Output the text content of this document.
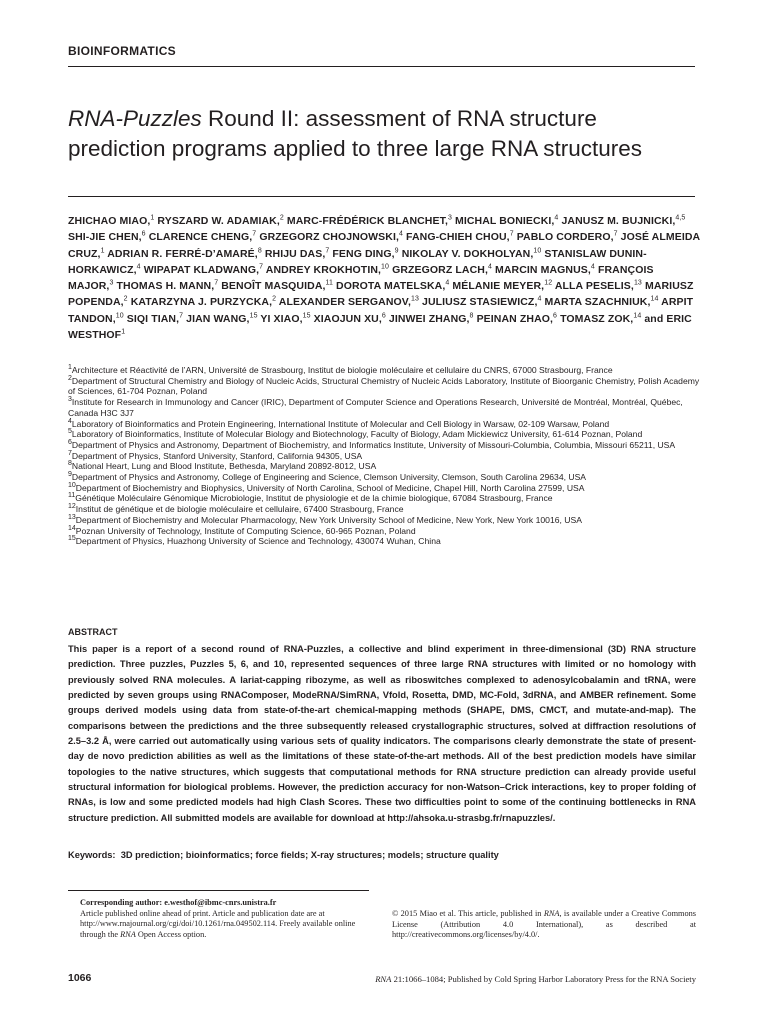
BIOINFORMATICS
RNA-Puzzles Round II: assessment of RNA structure prediction programs applied to three large RNA structures
ZHICHAO MIAO,$^1$ RYSZARD W. ADAMIAK,$^2$ MARC-FRÉDÉRICK BLANCHET,$^3$ MICHAL BONIECKI,$^4$ JANUSZ M. BUJNICKI,$^{4,5}$ SHI-JIE CHEN,$^6$ CLARENCE CHENG,$^7$ GRZEGORZ CHOJNOWSKI,$^4$ FANG-CHIEH CHOU,$^7$ PABLO CORDERO,$^7$ JOSÉ ALMEIDA CRUZ,$^1$ ADRIAN R. FERRÉ-D’AMARÉ,$^8$ RHIJU DAS,$^7$ FENG DING,$^9$ NIKOLAY V. DOKHOLYAN,$^{10}$ STANISLAW DUNIN-HORKAWICZ,$^4$ WIPAPAT KLADWANG,$^7$ ANDREY KROKHOTIN,$^{10}$ GRZEGORZ LACH,$^4$ MARCIN MAGNUS,$^4$ FRANÇOIS MAJOR,$^3$ THOMAS H. MANN,$^7$ BENOÎT MASQUIDA,$^{11}$ DOROTA MATELSKA,$^4$ MÉLANIE MEYER,$^{12}$ ALLA PESELIS,$^{13}$ MARIUSZ POPENDA,$^2$ KATARZYNA J. PURZYCKA,$^2$ ALEXANDER SERGANOV,$^{13}$ JULIUSZ STASIEWICZ,$^4$ MARTA SZACHNIUK,$^{14}$ ARPIT TANDON,$^{10}$ SIQI TIAN,$^7$ JIAN WANG,$^{15}$ YI XIAO,$^{15}$ XIAOJUN XU,$^6$ JINWEI ZHANG,$^8$ PEINAN ZHAO,$^6$ TOMASZ ZOK,$^{14}$ and ERIC WESTHOF$^1$

$^1$Architecture et Réactivité de l’ARN, Université de Strasbourg, Institut de biologie moléculaire et cellulaire du CNRS, 67000 Strasbourg, France

$^2$Department of Structural Chemistry and Biology of Nucleic Acids, Structural Chemistry of Nucleic Acids Laboratory, Institute of Bioorganic Chemistry, Polish Academy of Sciences, 61-704 Poznan, Poland

$^3$Institute for Research in Immunology and Cancer (IRIC), Department of Computer Science and Operations Research, Université de Montréal, Montréal, Québec, Canada H3C 3J7

$^4$Laboratory of Bioinformatics and Protein Engineering, International Institute of Molecular and Cell Biology in Warsaw, 02-109 Warsaw, Poland

$^5$Laboratory of Bioinformatics, Institute of Molecular Biology and Biotechnology, Faculty of Biology, Adam Mickiewicz University, 61-614 Poznan, Poland

$^6$Department of Physics and Astronomy, Department of Biochemistry, and Informatics Institute, University of Missouri-Columbia, Columbia, Missouri 65211, USA

$^7$Department of Physics, Stanford University, Stanford, California 94305, USA

$^8$National Heart, Lung and Blood Institute, Bethesda, Maryland 20892-8012, USA

$^9$Department of Physics and Astronomy, College of Engineering and Science, Clemson University, Clemson, South Carolina 29634, USA

$^{10}$Department of Biochemistry and Biophysics, University of North Carolina, School of Medicine, Chapel Hill, North Carolina 27599, USA

$^{11}$Génétique Moléculaire Génomique Microbiologie, Institut de physiologie et de la chimie biologique, 67084 Strasbourg, France

$^{12}$Institut de génétique et de biologie moléculaire et cellulaire, 67400 Strasbourg, France

$^{13}$Department of Biochemistry and Molecular Pharmacology, New York University School of Medicine, New York, New York 10016, USA

$^{14}$Poznan University of Technology, Institute of Computing Science, 60-965 Poznan, Poland

$^{15}$Department of Physics, Huazhong University of Science and Technology, 430074 Wuhan, China

ABSTRACT
This paper is a report of a second round of RNA-Puzzles, a collective and blind experiment in three-dimensional (3D) RNA structure prediction. Three puzzles, Puzzles 5, 6, and 10, represented sequences of three large RNA structures with limited or no homology with previously solved RNA molecules. A lariat-capping ribozyme, as well as riboswitches complexed to adenosylcobalamin and tRNA, were predicted by seven groups using RNAComposer, ModeRNA/SimRNA, Vfold, Rosetta, DMD, MC-Fold, 3dRNA, and AMBER refinement. Some groups derived models using data from state-of-the-art chemical-mapping methods (SHAPE, DMS, CMCT, and mutate-and-map). The comparisons between the predictions and the three subsequently released crystallographic structures, solved at diffraction resolutions of 2.5–3.2 Å, were carried out automatically using various sets of quality indicators. The comparisons clearly demonstrate the state of present-day de novo prediction abilities as well as the limitations of these state-of-the-art methods. All of the best prediction models have similar topologies to the native structures, which suggests that computational methods for RNA structure prediction can already provide useful structural information for biological problems. However, the prediction accuracy for non-Watson–Crick interactions, key to proper folding of RNAs, is low and some predicted models had high Clash Scores. These two difficulties point to some of the continuing bottlenecks in RNA structure prediction. All submitted models are available for download at http://ahsoka.u-strasbg.fr/rnapuzzles/.
Keywords: 3D prediction; bioinformatics; force fields; X-ray structures; models; structure quality
Corresponding author: e.westhof@ibmc-cnrs.unistra.fr
Article published online ahead of print. Article and publication date are at http://www.rnajournal.org/cgi/doi/10.1261/rna.049502.114. Freely available online through the RNA Open Access option.
© 2015 Miao et al. This article, published in RNA, is available under a Creative Commons License (Attribution 4.0 International), as described at http://creativecommons.org/licenses/by/4.0/.
1066	RNA 21:1066–1084; Published by Cold Spring Harbor Laboratory Press for the RNA Society
